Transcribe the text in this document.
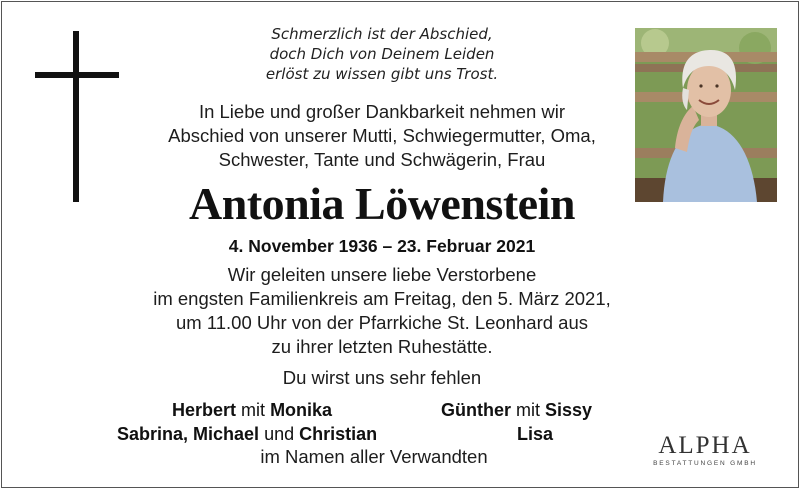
Schmerzlich ist der Abschied,
doch Dich von Deinem Leiden
erlöst zu wissen gibt uns Trost.
In Liebe und großer Dankbarkeit nehmen wir
Abschied von unserer Mutti, Schwiegermutter, Oma,
Schwester, Tante und Schwägerin, Frau
Antonia Löwenstein
4. November 1936 – 23. Februar 2021
Wir geleiten unsere liebe Verstorbene
im engsten Familienkreis am Freitag, den 5. März 2021,
um 11.00 Uhr von der Pfarrkiche St. Leonhard aus
zu ihrer letzten Ruhestätte.
Du wirst uns sehr fehlen
Herbert mit Monika
Sabrina, Michael und Christian
Günther mit Sissy
Lisa
im Namen aller Verwandten	ALPHA
BESTATTUNGEN GMBH
